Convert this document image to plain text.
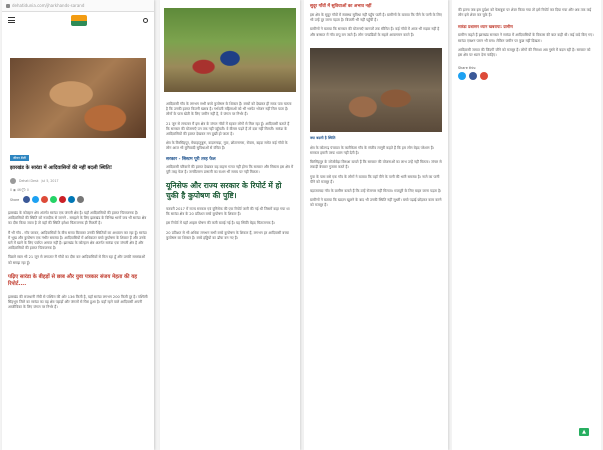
dehatidunia.com/jharkhands-sarand
जीवन शैली
झारखंड के सारंडा में आदिवासियों की नहीं बदली स्थिति!
Dehati Desk Jul 5, 2017
0 ◉ 46 💬 0
Share

झारखंड के कोल्हान क्षेत्र अंतर्गत सारंडा एक जंगली क्षेत्र है। यहाँ आदिवासियों की हालत चिंताजनक है। आदिवासियों की स्थिति को नजदीक से जानने - समझने के लिए झारखंड के विभिन्न भागों जब भी सारंडा क्षेत्र का दौरा किया जाता है तो वहाँ की स्थिति हमेशा चिंताजनक ही मिलती है।

मैं भी गाँव - गाँव जाकर, आदिवासियों के बीच समय बिताकर उनकी स्थितियों का अध्ययन कर रहा हूँ। सारंडा में भूख और कुपोषण एक गंभीर समस्या है। आदिवासियों में अधिकतर बच्चे कुपोषण के शिकार हैं और उनके घरों में खाने के लिए पर्याप्त अनाज नहीं है। झारखंड के कोल्हान क्षेत्र अंतर्गत सारंडा एक जंगली क्षेत्र है और आदिवासियों की हालत चिंताजनक है।

पिछले साल भी 21 जून से लगातार मैं गाँवों का दौरा कर आदिवासियों से मिल रहा हूँ और उनकी समस्याओं को समझ रहा हूँ।

पढ़िए सारंडा के बीहड़ों से छाब और युवा पत्रकार संजय मेहता की यह रिपोर्ट....

झारखंड की राजधानी राँची से पश्चिम की ओर 136 किमी है, यहाँ सारंडा लगभग 200 किमी दूर है। पश्चिमी सिंहभूम जिले का सारंडा का यह क्षेत्र पहाड़ों और जंगलों से घिरा हुआ है। यहाँ रहने वाले आदिवासी अपनी आजीविका के लिए जंगल पर निर्भर हैं।

आदिवासी गाँव के लगभग सभी बच्चे कुपोषण के शिकार हैं। बच्चों को देखकर ही साफ पता चलता है कि उनकी हालत कितनी खराब है। गर्भवती महिलाओं को भी भरपेट भोजन नहीं मिल पाता है। लोगों के पास खेती के लिए जमीन नहीं है, वे जंगल पर निर्भर हैं।

21 जून से लगातार मैं इस क्षेत्र के जंगल गाँवों में रहकर लोगों से मिल रहा हूँ। आदिवासी बताते हैं कि सरकार की योजनाएँ उन तक नहीं पहुँचती। वे बीमार पड़ते हैं तो दवा नहीं मिलती। सारंडा के आदिवासियों की हालत देखकर मन दुखी हो जाता है।

क्षेत्र के बिरसिंहपुर, मेघाहातुबुरू, कदलगाड़ा, गुवा, छोटानागरा, रोवाम, बहदा समेत कई गाँवों के लोग आज भी बुनियादी सुविधाओं से वंचित हैं।

सरकार - सिस्टम पूरी तरह फेल

आदिवासी परिवारों की हालत देखकर यह कहना गलत नहीं होगा कि सरकार और सिस्टम इस क्षेत्र में पूरी तरह फेल है। जनवितरण प्रणाली का राशन भी समय पर नहीं मिलता।

यूनिसेफ और राज्य सरकार के रिपोर्ट में हो चुकी है कुपोषण की पुष्टि।

फरवरी 2017 में राज्य सरकार एवं यूनिसेफ की एक रिपोर्ट जारी की गई थी जिसमें कहा गया था कि सारंडा क्षेत्र के 20 प्रतिशत बच्चे कुपोषण के शिकार हैं।

इस रिपोर्ट में यहाँ आहार पोषण की कमी बताई गई है। यह स्थिति बेहद चिंताजनक है।

20 प्रतिशत से भी अधिक लगभग सभी बच्चे कुपोषण के शिकार हैं, लगभग हर आदिवासी बच्चा कुपोषण का शिकार है। बच्चे हड्डियों का ढाँचा बन गए हैं।

सुदूर गाँवों में सुविधाओं का अभाव नहीं

इस क्षेत्र के सुदूर गाँवों में स्वास्थ्य सुविधा नहीं पहुँच पाती है। ग्रामीणों के बताया कि पीने के पानी के लिए भी उन्हें दूर जाना पड़ता है। बिजली भी नहीं पहुँची है।

ग्रामीणों ने बताया कि सरकार की योजनाएँ कागजों तक सीमित हैं। कई गाँवों में आज भी सड़क नहीं है और बरसात में गाँव टापू बन जाते हैं। लोग पगडंडियों के सहारे आवागमन करते हैं।

क्या बदली है स्थिति

क्षेत्र के कोटगढ़ पंचायत के कारीकेला गाँव के संजीव लागुरी कहते हैं कि हम लोग बेहद परेशान हैं। सरकार हमारी तरफ ध्यान नहीं देती है।

बिरसिंहपुर के जोजोबेड़ा बिरुआ बताते हैं कि सरकार की योजनाओं का लाभ उन्हें नहीं मिलता। जंगल से लकड़ी बेचकर गुजारा करते हैं।

गुवा के पास बसे एक गाँव के लोगों ने बताया कि यहाँ पीने के पानी की भारी समस्या है। नाले का पानी पीने को मजबूर हैं।

बड़ाजामदा गाँव के ग्रामीण बताते हैं कि उन्हें रोजगार नहीं मिलता। मजदूरी के लिए बाहर जाना पड़ता है।

ग्रामीणों ने बताया कि खदान खुलने के बाद भी उनकी स्थिति नहीं सुधरी। बच्चे पढ़ाई छोड़कर काम करने को मजबूर हैं।

की इतना जब इस दुर्दशा को फेसबुक पर शेयर किया गया तो इसे रिपोर्ट कर दिया गया और अब तक कई लोग इसे शेयर कर चुके हैं।

सारंडा प्रशासन ध्यान खबराया: ग्रामीण

ग्रामीण कहते हैं झारखंड सरकार ने सारंडा में आदिवासियों के विकास की बात कही थी। कई वादे किए गए। सारंडा एक्शन प्लान भी बना। लेकिन जमीन पर कुछ नहीं दिखता।

आदिवासी जमात की जिंदगी जीने को मजबूर हैं। लोगों की निराशा अब गुस्से में बदल रही है। सरकार को इस क्षेत्र पर ध्यान देना चाहिए।

Share this:
▲
